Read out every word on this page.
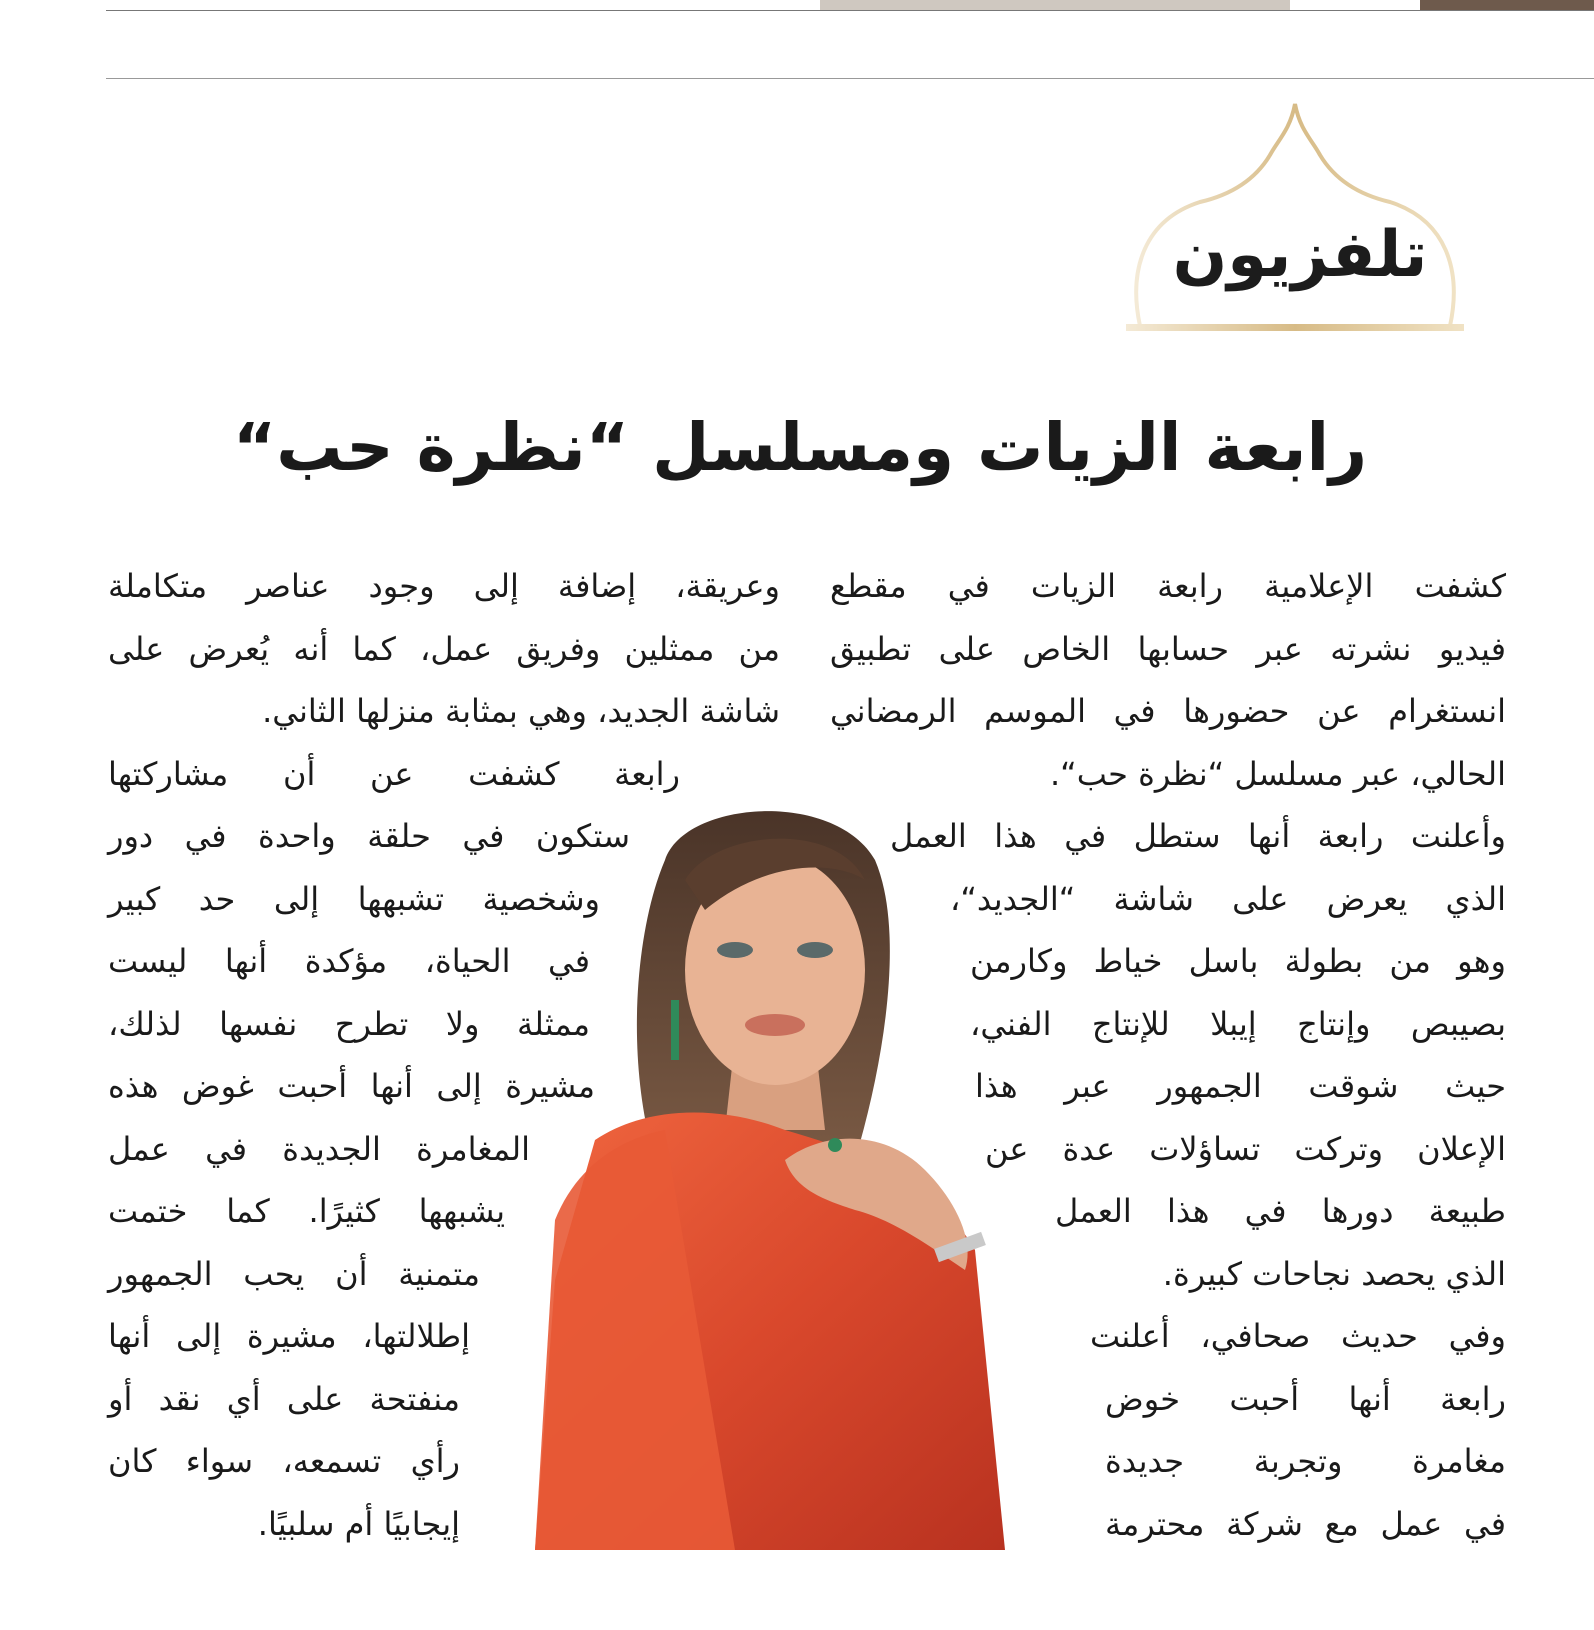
تلفزيون
رابعة الزيات ومسلسل “نظرة حب“
كشفت الإعلامية رابعة الزيات في مقطع
فيديو نشرته عبر حسابها الخاص على تطبيق
انستغرام عن حضورها في الموسم الرمضاني
الحالي، عبر مسلسل “نظرة حب“.
وأعلنت رابعة أنها ستطل في هذا العمل
الذي يعرض على شاشة “الجديد“،
وهو من بطولة باسل خياط وكارمن
بصيبص وإنتاج إيبلا للإنتاج الفني،
حيث شوقت الجمهور عبر هذا
الإعلان وتركت تساؤلات عدة عن
طبيعة دورها في هذا العمل
الذي يحصد نجاحات كبيرة.
وفي حديث صحافي، أعلنت
رابعة أنها أحبت خوض
مغامرة وتجربة جديدة
في عمل مع شركة محترمة
وعريقة، إضافة إلى وجود عناصر متكاملة
من ممثلين وفريق عمل، كما أنه يُعرض على
شاشة الجديد، وهي بمثابة منزلها الثاني.
رابعة كشفت عن أن مشاركتها
ستكون في حلقة واحدة في دور
وشخصية تشبهها إلى حد كبير
في الحياة، مؤكدة أنها ليست
ممثلة ولا تطرح نفسها لذلك،
مشيرة إلى أنها أحبت غوض هذه
المغامرة الجديدة في عمل
يشبهها كثيرًا. كما ختمت
متمنية أن يحب الجمهور
إطلالتها، مشيرة إلى أنها
منفتحة على أي نقد أو
رأي تسمعه، سواء كان
إيجابيًا أم سلبيًا.
